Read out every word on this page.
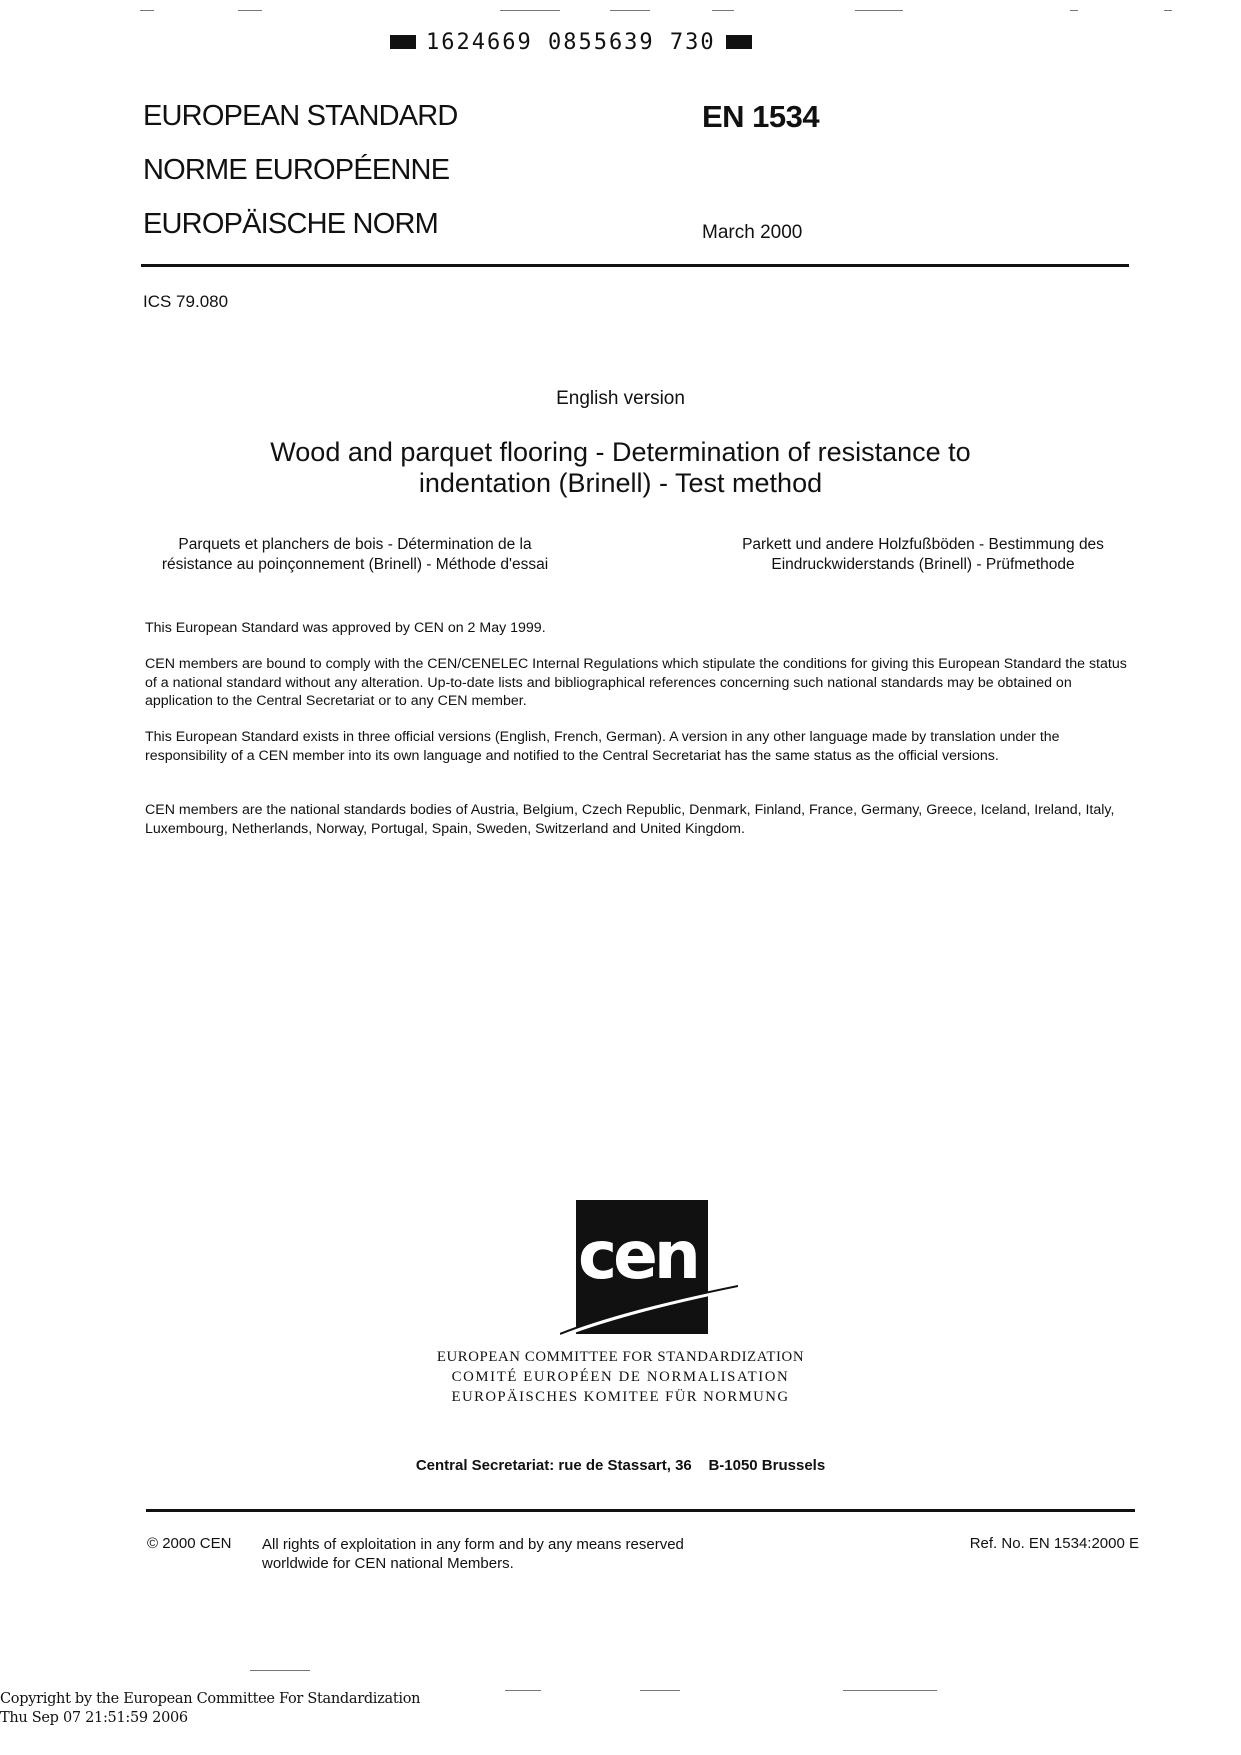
1624669 0855639 730
EUROPEAN STANDARD
NORME EUROPÉENNE
EUROPÄISCHE NORM
EN 1534
March 2000
ICS 79.080
English version
Wood and parquet flooring - Determination of resistance to
indentation (Brinell) - Test method
Parquets et planchers de bois - Détermination de la
résistance au poinçonnement (Brinell) - Méthode d'essai
Parkett und andere Holzfußböden - Bestimmung des
Eindruckwiderstands (Brinell) - Prüfmethode
This European Standard was approved by CEN on 2 May 1999.
CEN members are bound to comply with the CEN/CENELEC Internal Regulations which stipulate the conditions for giving this European Standard the status of a national standard without any alteration. Up-to-date lists and bibliographical references concerning such national standards may be obtained on application to the Central Secretariat or to any CEN member.
This European Standard exists in three official versions (English, French, German). A version in any other language made by translation under the responsibility of a CEN member into its own language and notified to the Central Secretariat has the same status as the official versions.
CEN members are the national standards bodies of Austria, Belgium, Czech Republic, Denmark, Finland, France, Germany, Greece, Iceland, Ireland, Italy, Luxembourg, Netherlands, Norway, Portugal, Spain, Sweden, Switzerland and United Kingdom.
cen
EUROPEAN COMMITTEE FOR STANDARDIZATION
COMITÉ EUROPÉEN DE NORMALISATION
EUROPÄISCHES KOMITEE FÜR NORMUNG
Central Secretariat: rue de Stassart, 36    B-1050 Brussels
© 2000 CEN All rights of exploitation in any form and by any means reserved
worldwide for CEN national Members.
Ref. No. EN 1534:2000 E
Copyright by the European Committee For Standardization
Thu Sep 07 21:51:59 2006
